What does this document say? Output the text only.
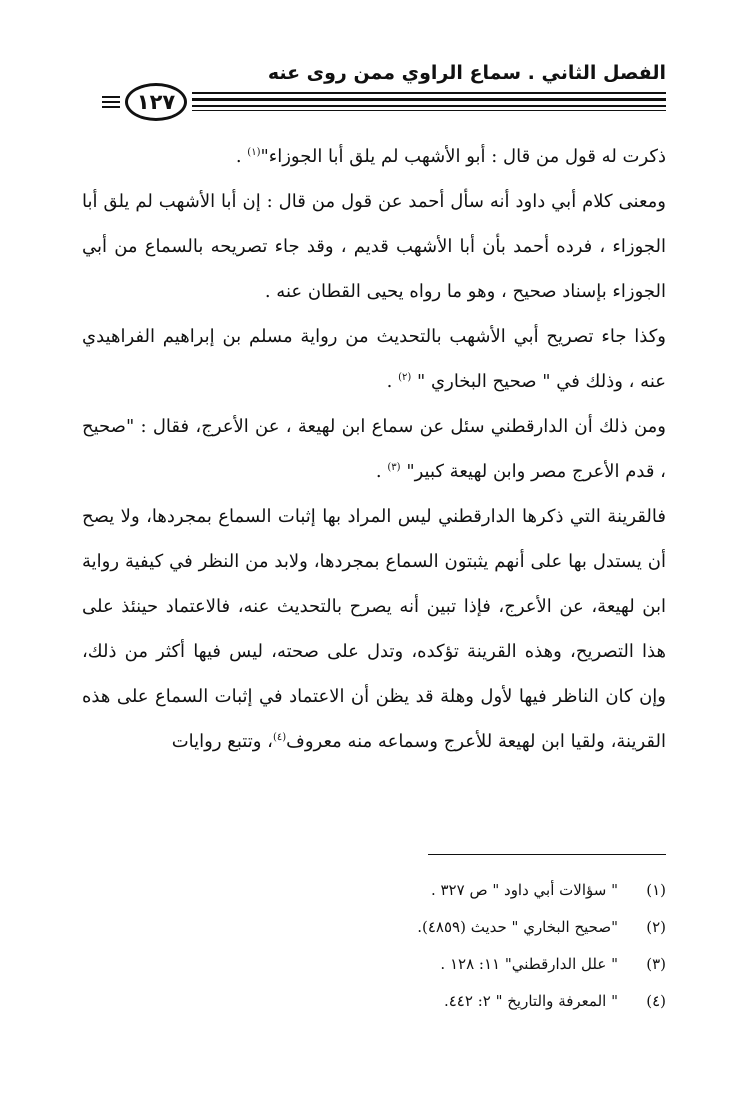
الفصل الثاني . سماع الراوي ممن روى عنه
١٢٧

ذكرت له قول من قال : أبو الأشهب لم يلق أبا الجوزاء"$^{(١)}$ .

ومعنى كلام أبي داود أنه سأل أحمد عن قول من قال : إن أبا الأشهب لم يلق أبا الجوزاء ، فرده أحمد بأن أبا الأشهب قديم ، وقد جاء تصريحه بالسماع من أبي الجوزاء بإسناد صحيح ، وهو ما رواه يحيى القطان عنه .

وكذا جاء تصريح أبي الأشهب بالتحديث من رواية مسلم بن إبراهيم الفراهيدي عنه ، وذلك في " صحيح البخاري " $^{(٢)}$ .

ومن ذلك أن الدارقطني سئل عن سماع ابن لهيعة ، عن الأعرج، فقال : "صحيح ، قدم الأعرج مصر وابن لهيعة كبير" $^{(٣)}$ .

فالقرينة التي ذكرها الدارقطني ليس المراد بها إثبات السماع بمجردها، ولا يصح أن يستدل بها على أنهم يثبتون السماع بمجردها، ولابد من النظر في كيفية رواية ابن لهيعة، عن الأعرج، فإذا تبين أنه يصرح بالتحديث عنه، فالاعتماد حينئذ على هذا التصريح، وهذه القرينة تؤكده، وتدل على صحته، ليس فيها أكثر من ذلك، وإن كان الناظر فيها لأول وهلة قد يظن أن الاعتماد في إثبات السماع على هذه القرينة، ولقيا ابن لهيعة للأعرج وسماعه منه معروف$^{(٤)}$، وتتبع روايات

(١)
" سؤالات أبي داود " ص ٣٢٧ .
(٢)
"صحيح البخاري " حديث (٤٨٥٩).
(٣)
" علل الدارقطني" ١١: ١٢٨ .
(٤)
" المعرفة والتاريخ " ٢: ٤٤٢.
